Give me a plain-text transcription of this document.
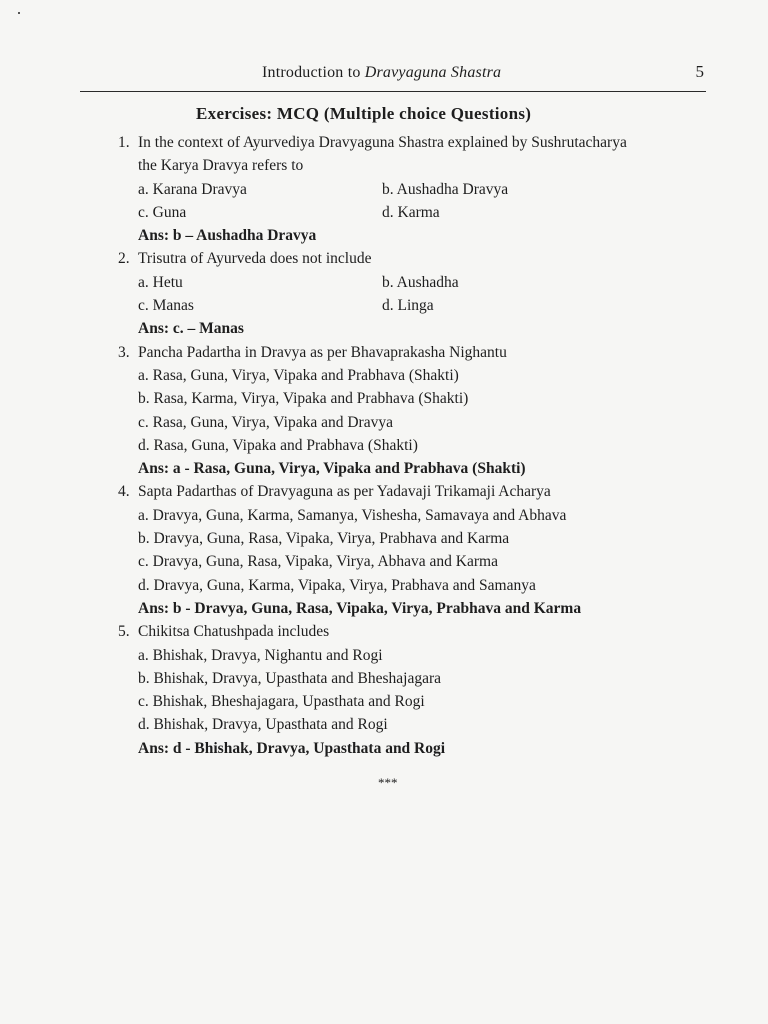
Introduction to Dravyaguna Shastra	5
Exercises: MCQ (Multiple choice Questions)
1. In the context of Ayurvediya Dravyaguna Shastra explained by Sushrutacharya
the Karya Dravya refers to
a. Karana Dravya	b. Aushadha Dravya
c. Guna	d. Karma
Ans: b – Aushadha Dravya
2. Trisutra of Ayurveda does not include
a. Hetu	b. Aushadha
c. Manas	d. Linga
Ans: c. – Manas
3. Pancha Padartha in Dravya as per Bhavaprakasha Nighantu
a. Rasa, Guna, Virya, Vipaka and Prabhava (Shakti)
b. Rasa, Karma, Virya, Vipaka and Prabhava (Shakti)
c. Rasa, Guna, Virya, Vipaka and Dravya
d. Rasa, Guna, Vipaka and Prabhava (Shakti)
Ans: a - Rasa, Guna, Virya, Vipaka and Prabhava (Shakti)
4. Sapta Padarthas of Dravyaguna as per Yadavaji Trikamaji Acharya
a. Dravya, Guna, Karma, Samanya, Vishesha, Samavaya and Abhava
b. Dravya, Guna, Rasa, Vipaka, Virya, Prabhava and Karma
c. Dravya, Guna, Rasa, Vipaka, Virya, Abhava and Karma
d. Dravya, Guna, Karma, Vipaka, Virya, Prabhava and Samanya
Ans: b - Dravya, Guna, Rasa, Vipaka, Virya, Prabhava and Karma
5. Chikitsa Chatushpada includes
a. Bhishak, Dravya, Nighantu and Rogi
b. Bhishak, Dravya, Upasthata and Bheshajagara
c. Bhishak, Bheshajagara, Upasthata and Rogi
d. Bhishak, Dravya, Upasthata and Rogi
Ans: d - Bhishak, Dravya, Upasthata and Rogi
***
